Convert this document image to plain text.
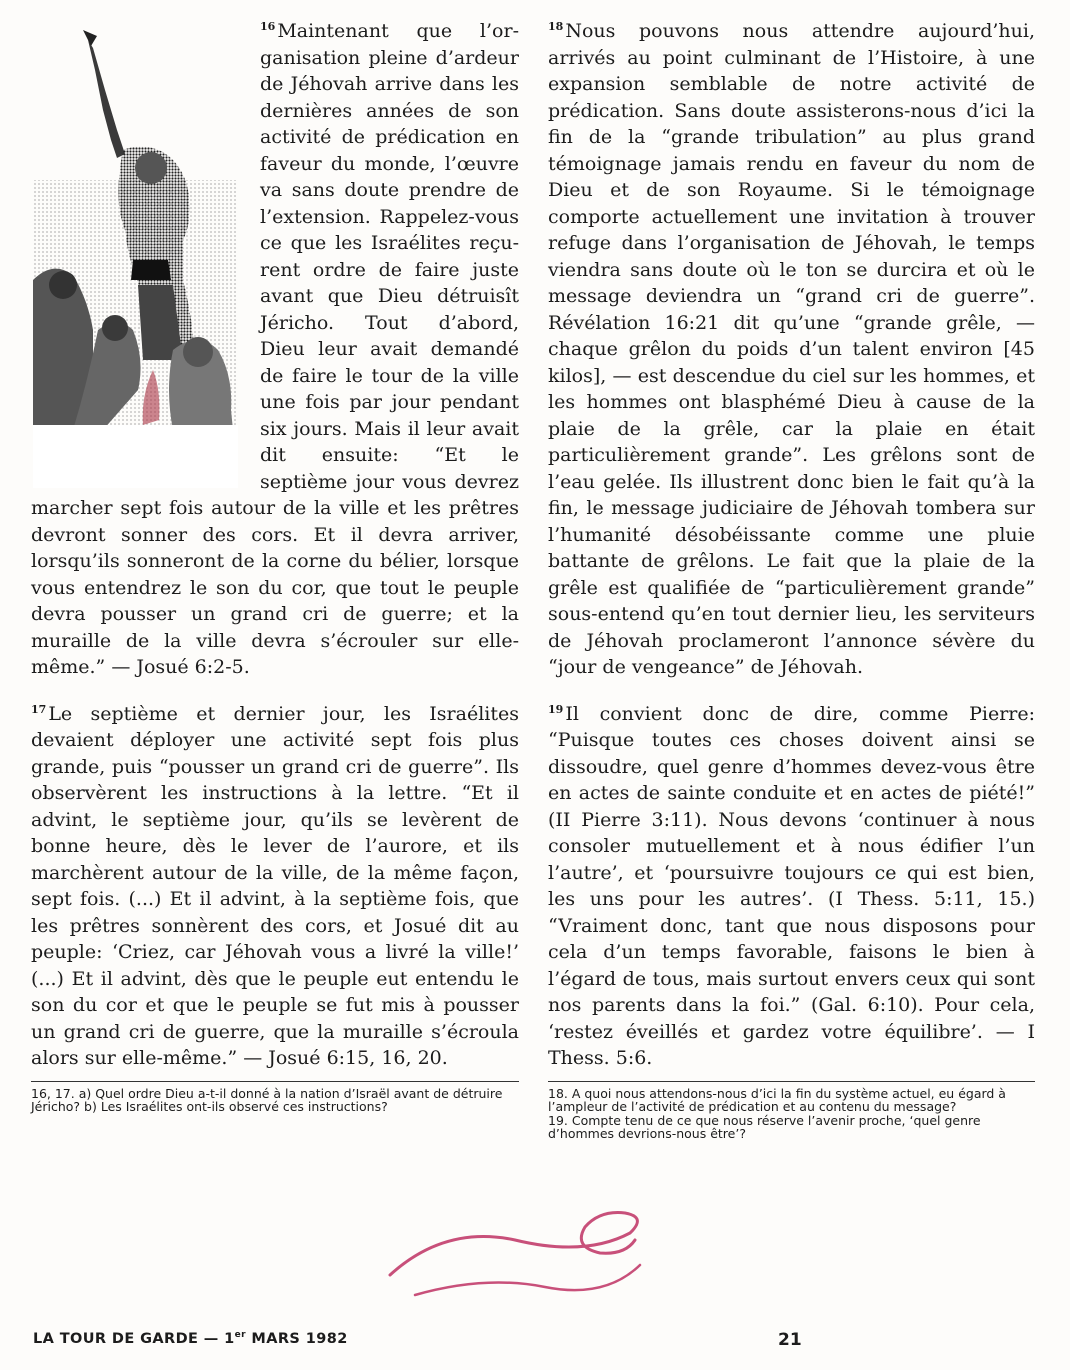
$^{16}$ Maintenant que l’organisation pleine d’ardeur de Jéhovah arrive dans les dernières années de son activité de prédication en faveur du monde, l’œuvre va sans doute prendre de l’extension. Rappelez-vous ce que les Israélites reçurent ordre de faire juste avant que Dieu détruisît Jéricho. Tout d’abord, Dieu leur avait demandé de faire le tour de la ville une fois par jour pendant six jours. Mais il leur avait dit ensuite: “Et le septième jour vous devrez marcher sept fois autour de la ville et les prêtres devront sonner des cors. Et il devra arriver, lorsqu’ils sonneront de la corne du bélier, lorsque vous entendrez le son du cor, que tout le peuple devra pousser un grand cri de guerre; et la muraille de la ville devra s’écrouler sur elle-même.” — Josué 6:2-5.

$^{17}$ Le septième et dernier jour, les Israélites devaient déployer une activité sept fois plus grande, puis “pousser un grand cri de guerre”. Ils observèrent les instructions à la lettre. “Et il advint, le septième jour, qu’ils se levèrent de bonne heure, dès le lever de l’aurore, et ils marchèrent autour de la ville, de la même façon, sept fois. (...) Et il advint, à la septième fois, que les prêtres sonnèrent des cors, et Josué dit au peuple: ‘Criez, car Jéhovah vous a livré la ville!’ (...) Et il advint, dès que le peuple eut entendu le son du cor et que le peuple se fut mis à pousser un grand cri de guerre, que la muraille s’écroula alors sur elle-même.” — Josué 6:15, 16, 20.

16, 17. a) Quel ordre Dieu a-t-il donné à la nation d’Israël avant de détruire Jéricho? b) Les Israélites ont-ils observé ces instructions?

$^{18}$ Nous pouvons nous attendre aujourd’hui, arrivés au point culminant de l’Histoire, à une expansion semblable de notre activité de prédication. Sans doute assisterons-nous d’ici la fin de la “grande tribulation” au plus grand témoignage jamais rendu en faveur du nom de Dieu et de son Royaume. Si le témoignage comporte actuellement une invitation à trouver refuge dans l’organisation de Jéhovah, le temps viendra sans doute où le ton se durcira et où le message deviendra un “grand cri de guerre”. Révélation 16:21 dit qu’une “grande grêle, — chaque grêlon du poids d’un talent environ [45 kilos], — est descendue du ciel sur les hommes, et les hommes ont blasphémé Dieu à cause de la plaie de la grêle, car la plaie en était particulièrement grande”. Les grêlons sont de l’eau gelée. Ils illustrent donc bien le fait qu’à la fin, le message judiciaire de Jéhovah tombera sur l’humanité désobéissante comme une pluie battante de grêlons. Le fait que la plaie de la grêle est qualifiée de “particulièrement grande” sous-entend qu’en tout dernier lieu, les serviteurs de Jéhovah proclameront l’annonce sévère du “jour de vengeance” de Jéhovah.

$^{19}$ Il convient donc de dire, comme Pierre: “Puisque toutes ces choses doivent ainsi se dissoudre, quel genre d’hommes devez-vous être en actes de sainte conduite et en actes de piété!” (II Pierre 3:11). Nous devons ‘continuer à nous consoler mutuellement et à nous édifier l’un l’autre’, et ‘poursuivre toujours ce qui est bien, les uns pour les autres’. (I Thess. 5:11, 15.) “Vraiment donc, tant que nous disposons pour cela d’un temps favorable, faisons le bien à l’égard de tous, mais surtout envers ceux qui sont nos parents dans la foi.” (Gal. 6:10). Pour cela, ‘restez éveillés et gardez votre équilibre’. — I Thess. 5:6.

18. A quoi nous attendons-nous d’ici la fin du système actuel, eu égard à l’ampleur de l’activité de prédication et au contenu du message?

19. Compte tenu de ce que nous réserve l’avenir proche, ‘quel genre d’hommes devrions-nous être’?

LA TOUR DE GARDE — 1er MARS 1982	21
